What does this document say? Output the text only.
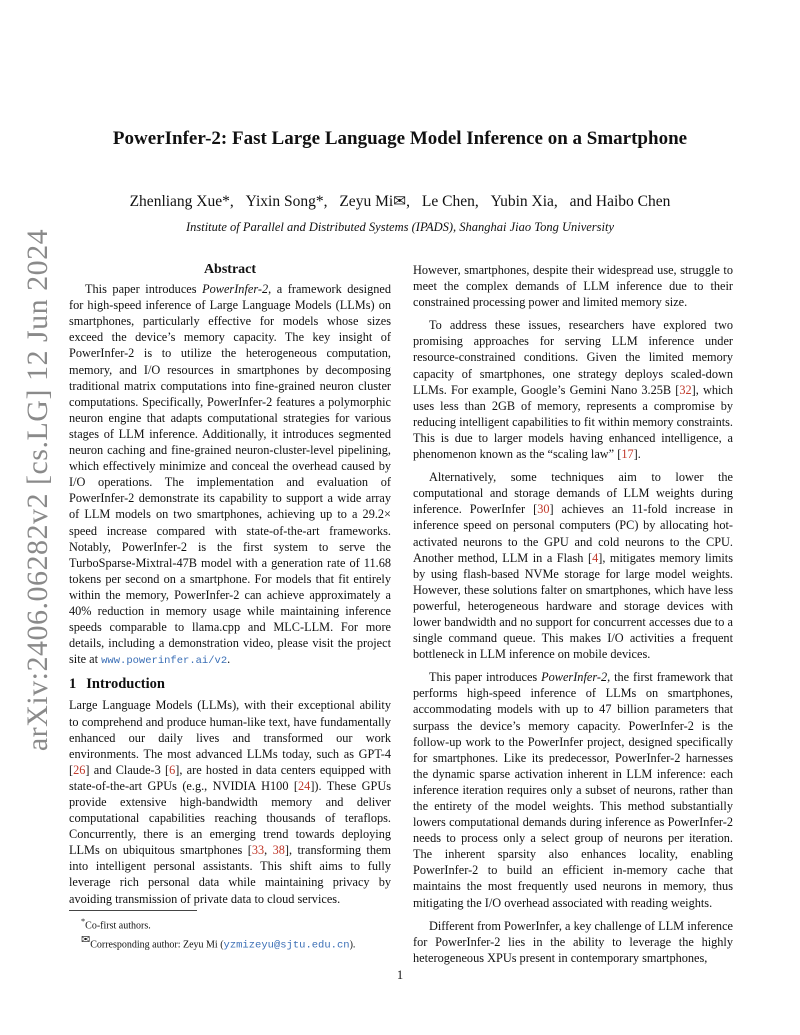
arXiv:2406.06282v2 [cs.LG] 12 Jun 2024
PowerInfer-2: Fast Large Language Model Inference on a Smartphone
Zhenliang Xue*, Yixin Song*, Zeyu Mi✉, Le Chen, Yubin Xia, and Haibo Chen
Institute of Parallel and Distributed Systems (IPADS), Shanghai Jiao Tong University
Abstract

This paper introduces PowerInfer-2, a framework designed for high-speed inference of Large Language Models (LLMs) on smartphones, particularly effective for models whose sizes exceed the device’s memory capacity. The key insight of PowerInfer-2 is to utilize the heterogeneous computation, memory, and I/O resources in smartphones by decomposing traditional matrix computations into fine-grained neuron cluster computations. Specifically, PowerInfer-2 features a polymorphic neuron engine that adapts computational strategies for various stages of LLM inference. Additionally, it introduces segmented neuron caching and fine-grained neuron-cluster-level pipelining, which effectively minimize and conceal the overhead caused by I/O operations. The implementation and evaluation of PowerInfer-2 demonstrate its capability to support a wide array of LLM models on two smartphones, achieving up to a 29.2× speed increase compared with state-of-the-art frameworks. Notably, PowerInfer-2 is the first system to serve the TurboSparse-Mixtral-47B model with a generation rate of 11.68 tokens per second on a smartphone. For models that fit entirely within the memory, PowerInfer-2 can achieve approximately a 40% reduction in memory usage while maintaining inference speeds comparable to llama.cpp and MLC-LLM. For more details, including a demonstration video, please visit the project site at www.powerinfer.ai/v2.

1 Introduction

Large Language Models (LLMs), with their exceptional ability to comprehend and produce human-like text, have fundamentally enhanced our daily lives and transformed our work environments. The most advanced LLMs today, such as GPT-4 [26] and Claude-3 [6], are hosted in data centers equipped with state-of-the-art GPUs (e.g., NVIDIA H100 [24]). These GPUs provide extensive high-bandwidth memory and deliver computational capabilities reaching thousands of teraflops. Concurrently, there is an emerging trend towards deploying LLMs on ubiquitous smartphones [33, 38], transforming them into intelligent personal assistants. This shift aims to fully leverage rich personal data while maintaining privacy by avoiding transmission of private data to cloud services.

However, smartphones, despite their widespread use, struggle to meet the complex demands of LLM inference due to their constrained processing power and limited memory size.

To address these issues, researchers have explored two promising approaches for serving LLM inference under resource-constrained conditions. Given the limited memory capacity of smartphones, one strategy deploys scaled-down LLMs. For example, Google’s Gemini Nano 3.25B [32], which uses less than 2GB of memory, represents a compromise by reducing intelligent capabilities to fit within memory constraints. This is due to larger models having enhanced intelligence, a phenomenon known as the “scaling law” [17].

Alternatively, some techniques aim to lower the computational and storage demands of LLM weights during inference. PowerInfer [30] achieves an 11-fold increase in inference speed on personal computers (PC) by allocating hot-activated neurons to the GPU and cold neurons to the CPU. Another method, LLM in a Flash [4], mitigates memory limits by using flash-based NVMe storage for large model weights. However, these solutions falter on smartphones, which have less powerful, heterogeneous hardware and storage devices with lower bandwidth and no support for concurrent accesses due to a single command queue. This makes I/O activities a frequent bottleneck in LLM inference on mobile devices.

This paper introduces PowerInfer-2, the first framework that performs high-speed inference of LLMs on smartphones, accommodating models with up to 47 billion parameters that surpass the device’s memory capacity. PowerInfer-2 is the follow-up work to the PowerInfer project, designed specifically for smartphones. Like its predecessor, PowerInfer-2 harnesses the dynamic sparse activation inherent in LLM inference: each inference iteration requires only a subset of neurons, rather than the entirety of the model weights. This method substantially lowers computational demands during inference as PowerInfer-2 needs to process only a select group of neurons per iteration. The inherent sparsity also enhances locality, enabling PowerInfer-2 to build an efficient in-memory cache that maintains the most frequently used neurons in memory, thus mitigating the I/O overhead associated with reading weights.

Different from PowerInfer, a key challenge of LLM inference for PowerInfer-2 lies in the ability to leverage the highly heterogeneous XPUs present in contemporary smartphones,

*Co-first authors.
✉Corresponding author: Zeyu Mi (yzmizeyu@sjtu.edu.cn).
1
